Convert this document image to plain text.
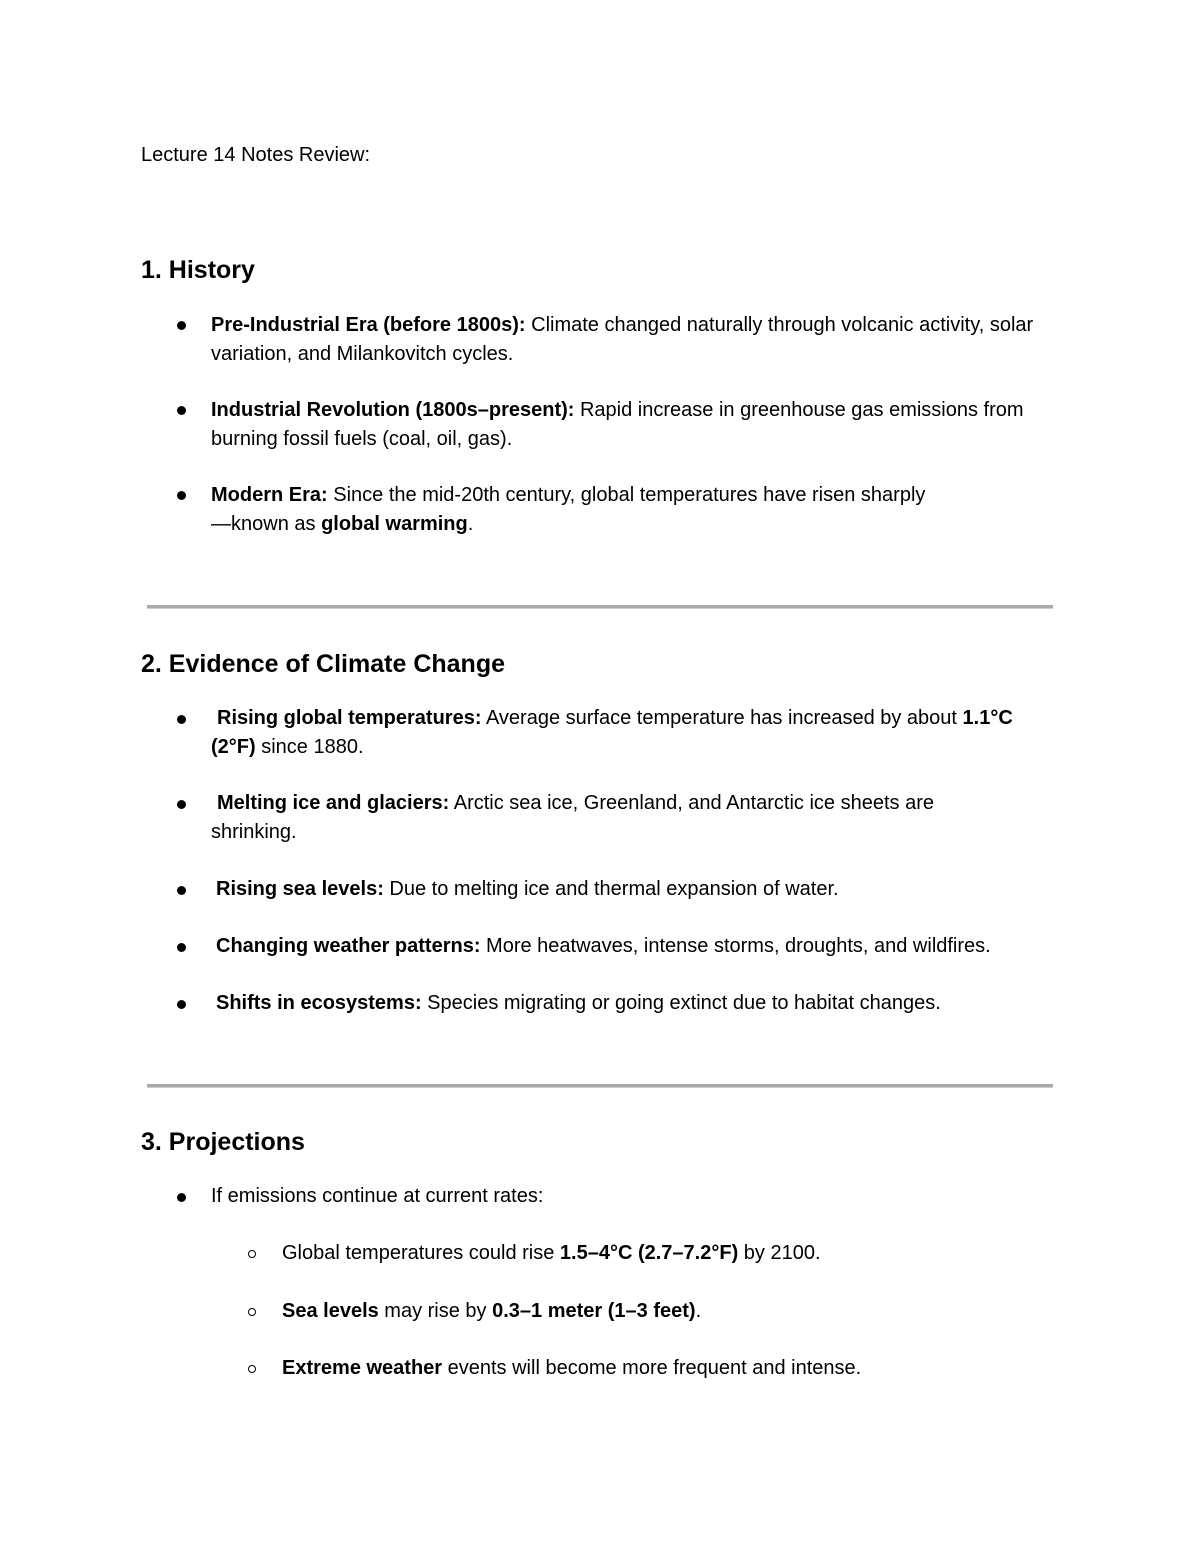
Lecture 14 Notes Review:
1. History
Pre-Industrial Era (before 1800s): Climate changed naturally through volcanic activity, solar variation, and Milankovitch cycles.
Industrial Revolution (1800s–present): Rapid increase in greenhouse gas emissions from burning fossil fuels (coal, oil, gas).
Modern Era: Since the mid-20th century, global temperatures have risen sharply—known as global warming.
2. Evidence of Climate Change
Rising global temperatures: Average surface temperature has increased by about 1.1°C (2°F) since 1880.
Melting ice and glaciers: Arctic sea ice, Greenland, and Antarctic ice sheets are shrinking.
Rising sea levels: Due to melting ice and thermal expansion of water.
Changing weather patterns: More heatwaves, intense storms, droughts, and wildfires.
Shifts in ecosystems: Species migrating or going extinct due to habitat changes.
3. Projections
If emissions continue at current rates:
Global temperatures could rise 1.5–4°C (2.7–7.2°F) by 2100.
Sea levels may rise by 0.3–1 meter (1–3 feet).
Extreme weather events will become more frequent and intense.
